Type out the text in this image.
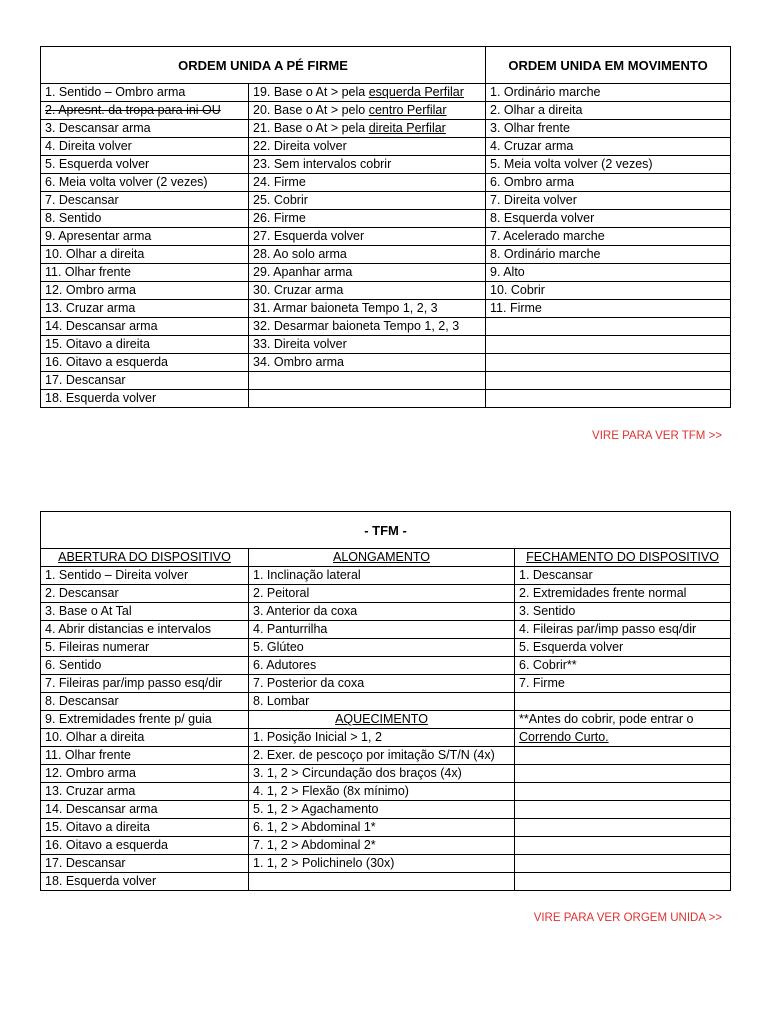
ORDEM UNIDA A PÉ FIRME		ORDEM UNIDA EM MOVIMENTO
1. Sentido – Ombro arma	19. Base o At > pela esquerda Perfilar	1. Ordinário marche
2. Apresnt. da tropa para ini OU	20. Base o At > pelo centro Perfilar	2. Olhar a direita
3. Descansar arma	21. Base o At > pela direita Perfilar	3. Olhar frente
4. Direita volver	22. Direita volver	4. Cruzar arma
5. Esquerda volver	23. Sem intervalos cobrir	5. Meia volta volver (2 vezes)
6. Meia volta volver (2 vezes)	24. Firme	6. Ombro arma
7. Descansar	25. Cobrir	7. Direita volver
8. Sentido	26. Firme	8. Esquerda volver
9. Apresentar arma	27. Esquerda volver	7. Acelerado marche
10. Olhar a direita	28. Ao solo arma	8. Ordinário marche
11. Olhar frente	29. Apanhar arma	9. Alto
12. Ombro arma	30. Cruzar arma	10. Cobrir
13. Cruzar arma	31. Armar baioneta Tempo 1, 2, 3	11. Firme
14. Descansar arma	32. Desarmar baioneta Tempo 1, 2, 3	
15. Oitavo a direita	33. Direita volver	
16. Oitavo a esquerda	34. Ombro arma	
17. Descansar		
18. Esquerda volver		
VIRE PARA VER TFM >>
- TFM -		
ABERTURA DO DISPOSITIVO	ALONGAMENTO	FECHAMENTO DO DISPOSITIVO
1. Sentido – Direita volver	1. Inclinação lateral	1. Descansar
2. Descansar	2. Peitoral	2. Extremidades frente normal
3. Base o At Tal	3. Anterior da coxa	3. Sentido
4. Abrir distancias e intervalos	4. Panturrilha	4. Fileiras par/imp passo esq/dir
5. Fileiras numerar	5. Glúteo	5. Esquerda volver
6. Sentido	6. Adutores	6. Cobrir**
7. Fileiras par/imp passo esq/dir	7. Posterior da coxa	7. Firme
8. Descansar	8. Lombar	
9. Extremidades frente p/ guia	AQUECIMENTO	**Antes do cobrir, pode entrar o
10. Olhar a direita	1. Posição Inicial > 1, 2	Correndo Curto.
11. Olhar frente	2. Exer. de pescoço por imitação S/T/N (4x)	
12. Ombro arma	3. 1, 2 > Circundação dos braços (4x)	
13. Cruzar arma	4. 1, 2 > Flexão (8x mínimo)	
14. Descansar arma	5. 1, 2 > Agachamento	
15. Oitavo a direita	6. 1, 2 > Abdominal 1*	
16. Oitavo a esquerda	7. 1, 2 > Abdominal 2*	
17. Descansar	1. 1, 2 > Polichinelo (30x)	
18. Esquerda volver		
VIRE PARA VER ORGEM UNIDA >>
